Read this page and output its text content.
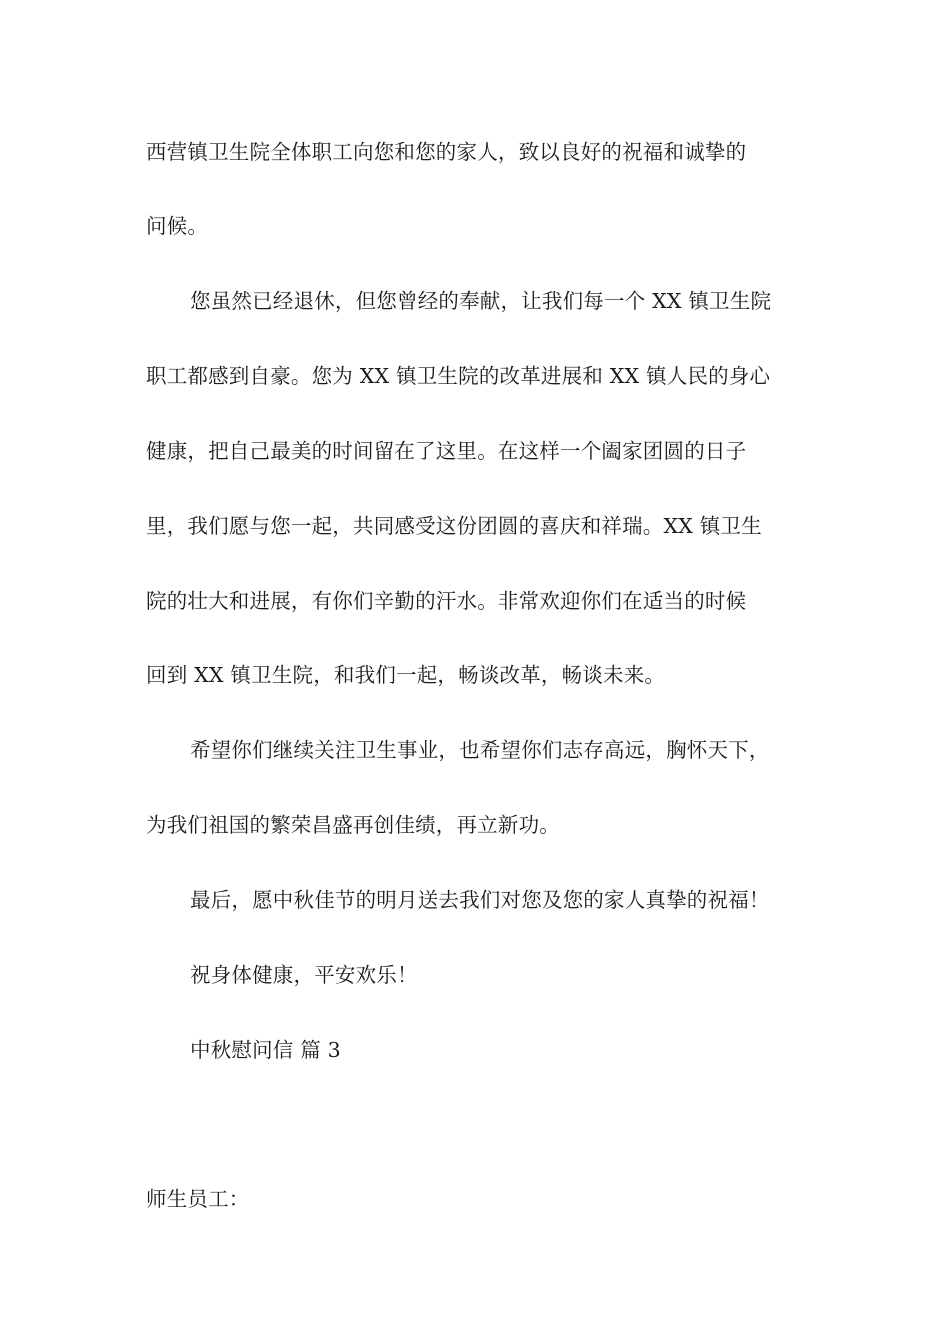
西营镇卫生院全体职工向您和您的家人，致以良好的祝福和诚挚的
问候。
您虽然已经退休，但您曾经的奉献，让我们每一个 XX 镇卫生院
职工都感到自豪。您为 XX 镇卫生院的改革进展和 XX 镇人民的身心
健康，把自己最美的时间留在了这里。在这样一个阖家团圆的日子
里，我们愿与您一起，共同感受这份团圆的喜庆和祥瑞。XX 镇卫生
院的壮大和进展，有你们辛勤的汗水。非常欢迎你们在适当的时候
回到 XX 镇卫生院，和我们一起，畅谈改革，畅谈未来。
希望你们继续关注卫生事业，也希望你们志存高远，胸怀天下，
为我们祖国的繁荣昌盛再创佳绩，再立新功。
最后，愿中秋佳节的明月送去我们对您及您的家人真挚的祝福！
祝身体健康，平安欢乐！
中秋慰问信 篇 3
师生员工：
